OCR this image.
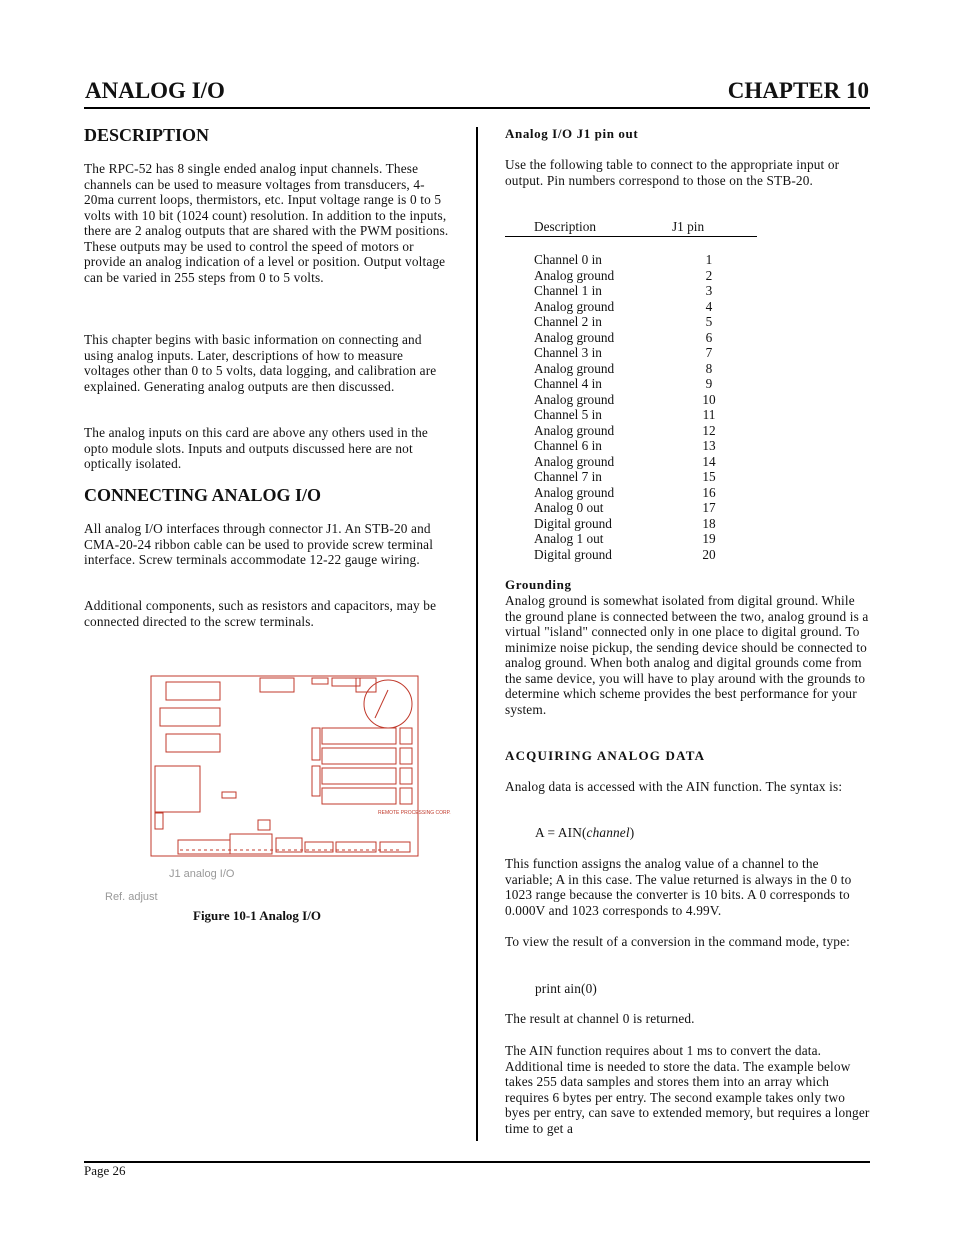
ANALOG I/O	CHAPTER 10
DESCRIPTION

The RPC-52 has 8 single ended analog input channels. These channels can be used to measure voltages from transducers, 4-20ma current loops, thermistors, etc. Input voltage range is 0 to 5 volts with 10 bit (1024 count) resolution. In addition to the inputs, there are 2 analog outputs that are shared with the PWM positions. These outputs may be used to control the speed of motors or provide an analog indication of a level or position. Output voltage can be varied in 255 steps from 0 to 5 volts.

This chapter begins with basic information on connecting and using analog inputs. Later, descriptions of how to measure voltages other than 0 to 5 volts, data logging, and calibration are explained. Generating analog outputs are then discussed.

The analog inputs on this card are above any others used in the opto module slots. Inputs and outputs discussed here are not optically isolated.

CONNECTING ANALOG I/O

All analog I/O interfaces through connector J1. An STB-20 and CMA-20-24 ribbon cable can be used to provide screw terminal interface. Screw terminals accommodate 12-22 gauge wiring.

Additional components, such as resistors and capacitors, may be connected directed to the screw terminals.

REMOTE PROCESSING CORP.
J1 analog I/O
Ref. adjust
Figure 10-1 Analog I/O
Analog I/O J1 pin out

Use the following table to connect to the appropriate input or output. Pin numbers correspond to those on the STB-20.

Description	J1 pin
Channel 0 in	1
Analog ground	2
Channel 1 in	3
Analog ground	4
Channel 2 in	5
Analog ground	6
Channel 3 in	7
Analog ground	8
Channel 4 in	9
Analog ground	10
Channel 5 in	11
Analog ground	12
Channel 6 in	13
Analog ground	14
Channel 7 in	15
Analog ground	16
Analog 0 out	17
Digital ground	18
Analog 1 out	19
Digital ground	20
Grounding

Analog ground is somewhat isolated from digital ground. While the ground plane is connected between the two, analog ground is a virtual "island" connected only in one place to digital ground. To minimize noise pickup, the sending device should be connected to analog ground. When both analog and digital grounds come from the same device, you will have to play around with the grounds to determine which scheme provides the best performance for your system.

ACQUIRING ANALOG DATA

Analog data is accessed with the AIN function. The syntax is:

A = AIN(channel)

This function assigns the analog value of a channel to the variable; A in this case. The value returned is always in the 0 to 1023 range because the converter is 10 bits. A 0 corresponds to 0.000V and 1023 corresponds to 4.99V.

To view the result of a conversion in the command mode, type:

print ain(0)

The result at channel 0 is returned.

The AIN function requires about 1 ms to convert the data. Additional time is needed to store the data. The example below takes 255 data samples and stores them into an array which requires 6 bytes per entry. The second example takes only two byes per entry, can save to extended memory, but requires a longer time to get a

Page 26
